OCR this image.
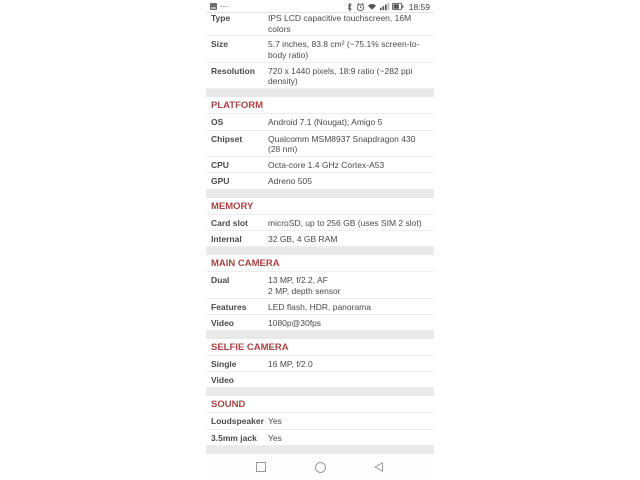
18:59
Type	IPS LCD capacitive touchscreen, 16M colors
Size	5.7 inches, 83.8 cm² (~75.1% screen-to-body ratio)
Resolution	720 x 1440 pixels, 18:9 ratio (~282 ppi density)
PLATFORM
OS	Android 7.1 (Nougat); Amigo 5
Chipset	Qualcomm MSM8937 Snapdragon 430 (28 nm)
CPU	Octa-core 1.4 GHz Cortex-A53
GPU	Adreno 505
MEMORY
Card slot	microSD, up to 256 GB (uses SIM 2 slot)
Internal	32 GB, 4 GB RAM
MAIN CAMERA
Dual	13 MP, f/2.2, AF
2 MP, depth sensor
Features	LED flash, HDR, panorama
Video	1080p@30fps
SELFIE CAMERA
Single	16 MP, f/2.0
Video
SOUND
Loudspeaker Yes
3.5mm jack	Yes
